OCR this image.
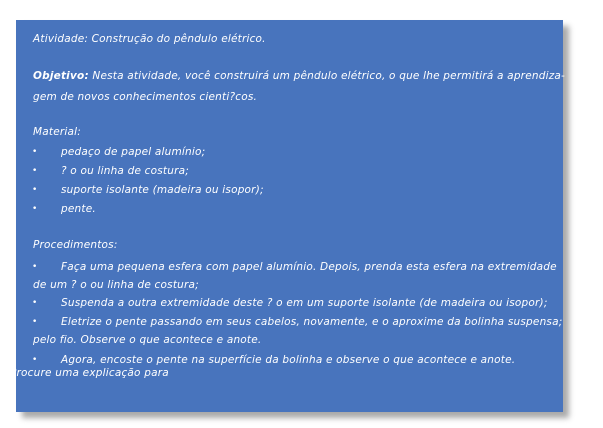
Atividade: Construção do pêndulo elétrico.
Objetivo: Nesta atividade, você construirá um pêndulo elétrico, o que lhe permitirá a aprendiza-
gem de novos conhecimentos cienti?cos.
Material:
• pedaço de papel alumínio;
• ? o ou linha de costura;
• suporte isolante (madeira ou isopor);
• pente.
Procedimentos:
• Faça uma pequena esfera com papel alumínio. Depois, prenda esta esfera na extremidade
de um ? o ou linha de costura;
• Suspenda a outra extremidade deste ? o em um suporte isolante (de madeira ou isopor);
• Eletrize o pente passando em seus cabelos, novamente, e o aproxime da bolinha suspensa;
pelo fio. Observe o que acontece e anote.
• Agora, encoste o pente na superfície da bolinha e observe o que acontece e anote.
Procure uma explicação para
